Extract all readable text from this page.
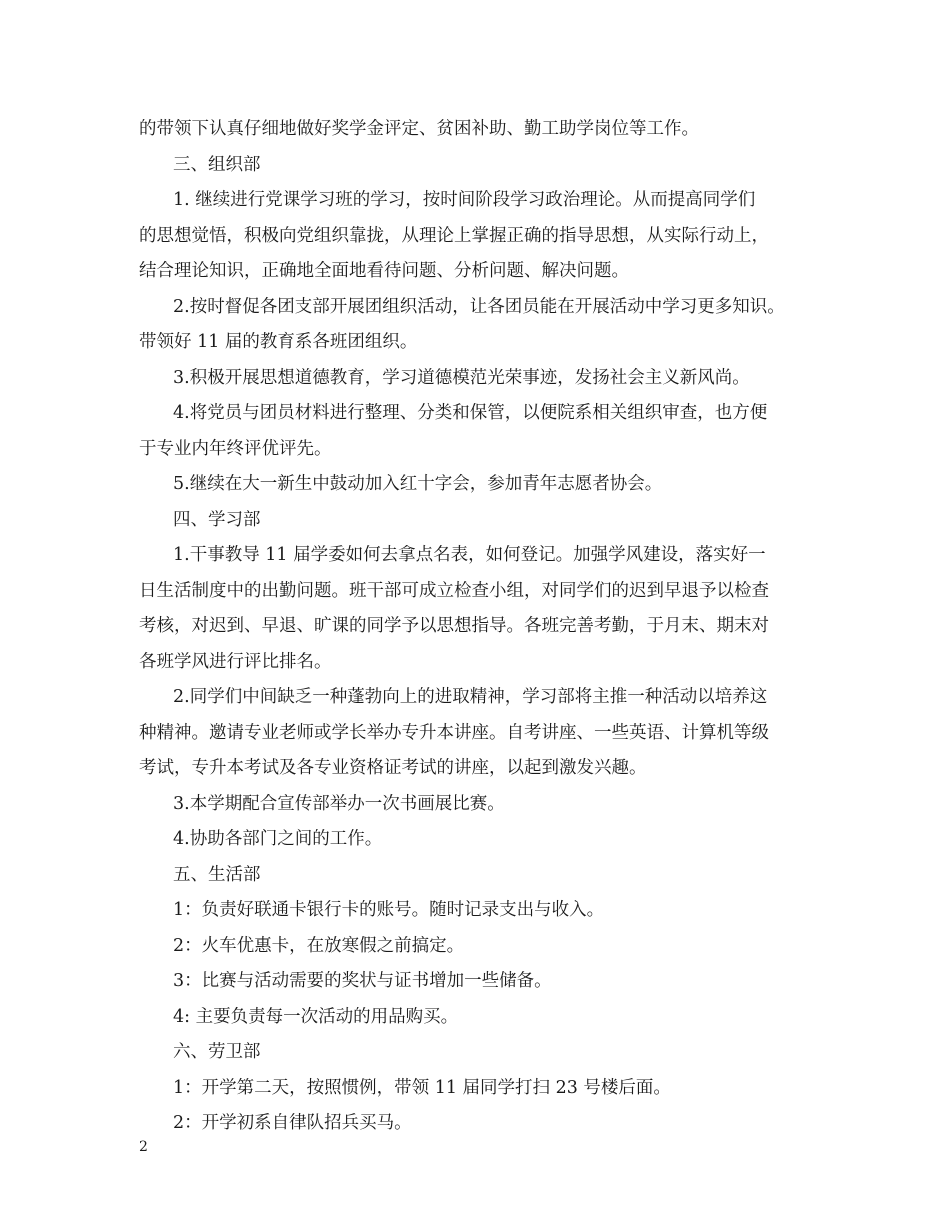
的带领下认真仔细地做好奖学金评定、贫困补助、勤工助学岗位等工作。

三、组织部

1. 继续进行党课学习班的学习，按时间阶段学习政治理论。从而提高同学们

的思想觉悟，积极向党组织靠拢，从理论上掌握正确的指导思想，从实际行动上，

结合理论知识，正确地全面地看待问题、分析问题、解决问题。

2.按时督促各团支部开展团组织活动，让各团员能在开展活动中学习更多知识。

带领好 11 届的教育系各班团组织。

3.积极开展思想道德教育，学习道德模范光荣事迹，发扬社会主义新风尚。

4.将党员与团员材料进行整理、分类和保管，以便院系相关组织审查，也方便

于专业内年终评优评先。

5.继续在大一新生中鼓动加入红十字会，参加青年志愿者协会。

四、学习部

1.干事教导 11 届学委如何去拿点名表，如何登记。加强学风建设，落实好一

日生活制度中的出勤问题。班干部可成立检查小组，对同学们的迟到早退予以检查

考核，对迟到、早退、旷课的同学予以思想指导。各班完善考勤，于月末、期末对

各班学风进行评比排名。

2.同学们中间缺乏一种蓬勃向上的进取精神，学习部将主推一种活动以培养这

种精神。邀请专业老师或学长举办专升本讲座。自考讲座、一些英语、计算机等级

考试，专升本考试及各专业资格证考试的讲座，以起到激发兴趣。

3.本学期配合宣传部举办一次书画展比赛。

4.协助各部门之间的工作。

五、生活部

1：负责好联通卡银行卡的账号。随时记录支出与收入。

2：火车优惠卡，在放寒假之前搞定。

3：比赛与活动需要的奖状与证书增加一些储备。

4: 主要负责每一次活动的用品购买。

六、劳卫部

1：开学第二天，按照惯例，带领 11 届同学打扫 23 号楼后面。

2：开学初系自律队招兵买马。

2
